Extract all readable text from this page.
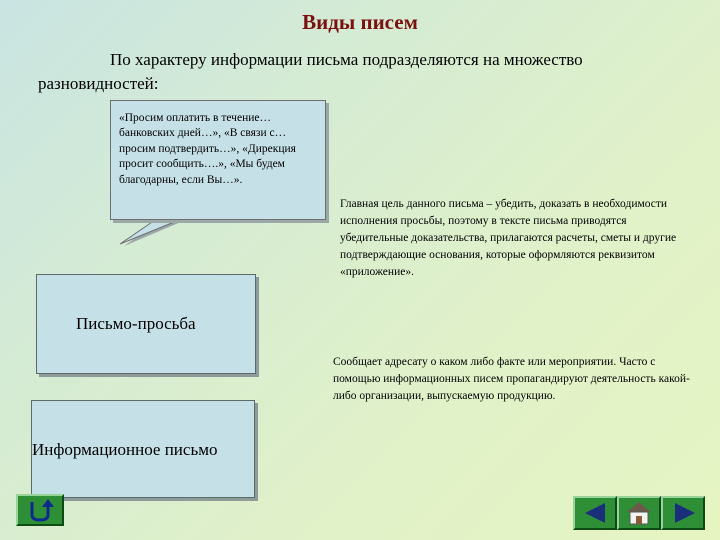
Виды писем
По характеру информации письма подразделяются на множество разновидностей:
«Просим оплатить в течение…банковских дней…», «В связи с… просим подтвердить…», «Дирекция просит сообщить….», «Мы будем благодарны, если Вы…».
Главная цель данного письма – убедить, доказать в необходимости исполнения просьбы, поэтому в тексте письма приводятся убедительные доказательства, прилагаются расчеты, сметы и другие подтверждающие основания, которые оформляются реквизитом «приложение».
Письмо-просьба
Сообщает адресату о каком либо факте или мероприятии. Часто с помощью информационных писем пропагандируют деятельность какой-либо организации, выпускаемую продукцию.
Информационное письмо
